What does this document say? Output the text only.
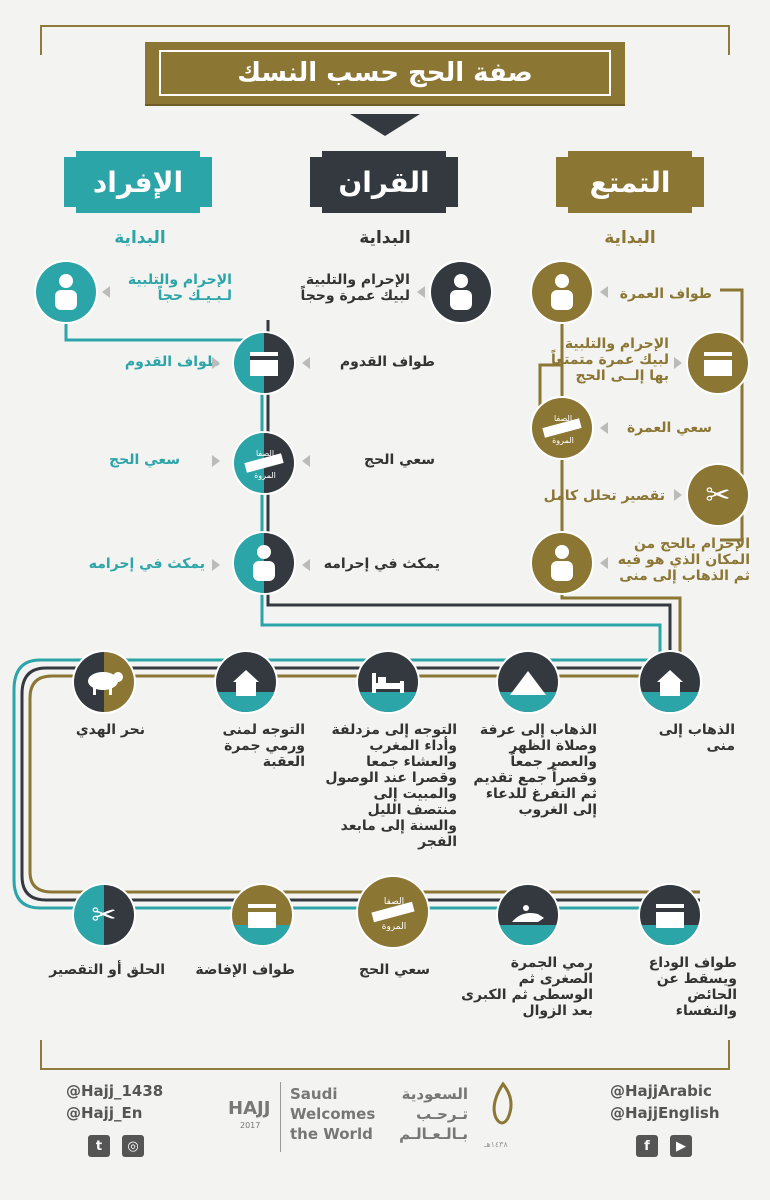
صفة الحج حسب النسك
الإفراد	القران	التمتع
البداية	البداية	البداية
الإحرام والتلبية لـبـيـك حجاً
طواف القدوم
سعي الحج
يمكث في إحرامه
الإحرام والتلبية لبيك عمرة وحجاً
طواف القدوم
الصفا
المروة
سعي الحج
يمكث في إحرامه
طواف العمرة
الإحرام والتلبية لبيك عمرة متمتعاً بها إلــى الحج
الصفا
المروة
سعي العمرة
✂
تقصير تحلل كامل
الإحرام بالحج من المكان الذي هو فيه ثم الذهاب إلى منى
الذهاب إلى منى
الذهاب إلى عرفة وصلاة الظهر والعصر جمعاً وقصراً جمع تقديم ثم التفرغ للدعاء إلى الغروب
التوجه إلى مزدلفة وأداء المغرب والعشاء جمعا وقصرا عند الوصول والمبيت إلى منتصف الليل والسنة إلى مابعد الفجر
التوجه لمنى ورمي جمرة العقبة
نحر الهدي
طواف الوداع ويسقط عن الحائض والنفساء
رمي الجمرة الصغرى ثم الوسطى ثم الكبرى بعد الزوال
الصفا
المروة
سعي الحج
طواف الإفاضة
✂
الحلق أو التقصير
@Hajj_1438
@Hajj_En
t	◎
HAJJ
2017
Saudi
Welcomes
the World
السعودية
تـرحـب
بـالـعـالـم
١٤٣٨هـ
@HajjArabic
@HajjEnglish
f	▶
